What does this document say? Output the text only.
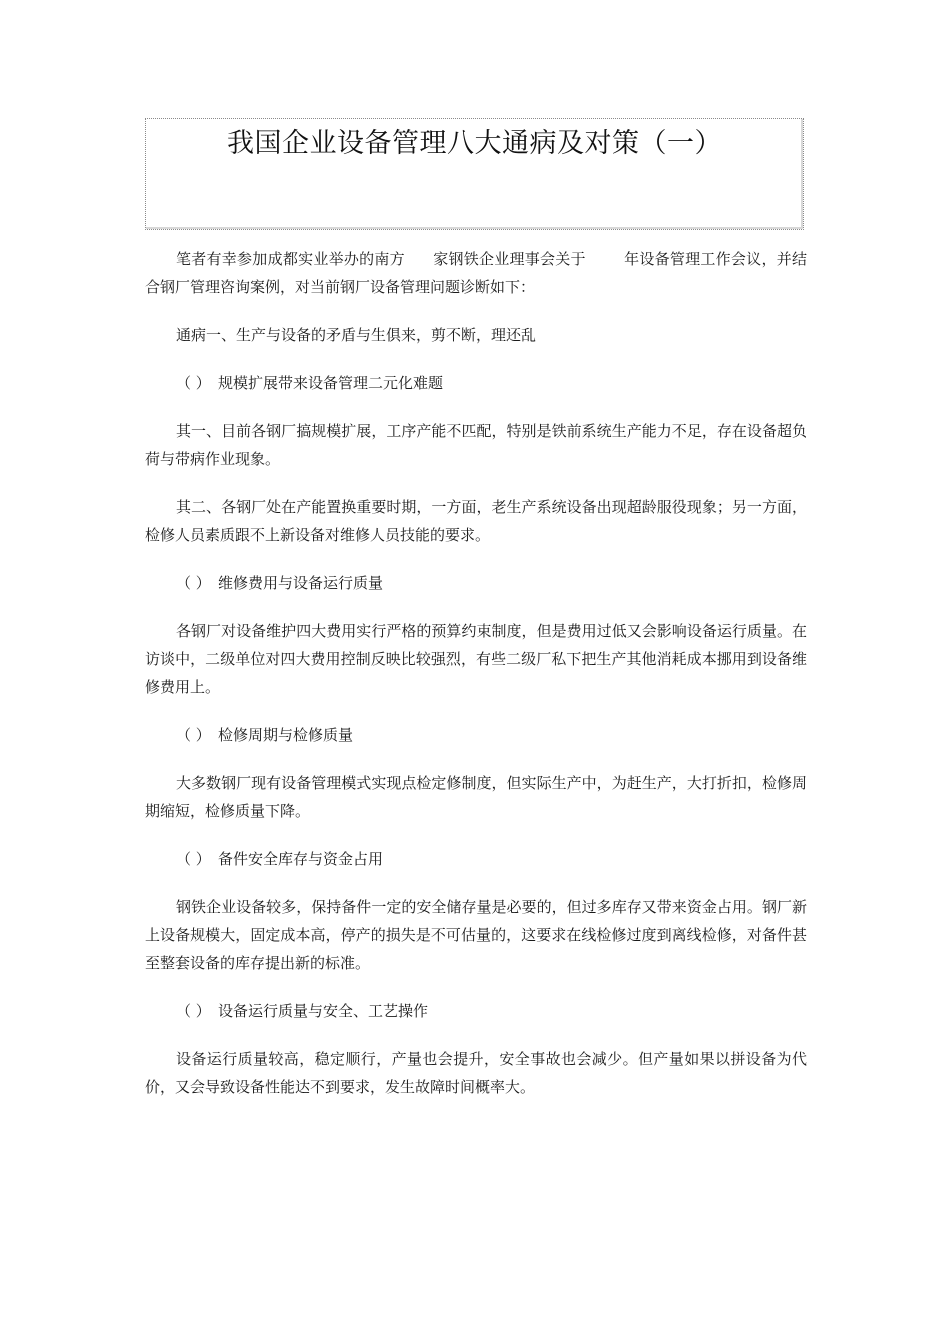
我国企业设备管理八大通病及对策（一）

笔者有幸参加成都实业举办的南方 家钢铁企业理事会关于	年设备管理工作会议，并结合钢厂管理咨询案例，对当前钢厂设备管理问题诊断如下：

通病一、生产与设备的矛盾与生俱来，剪不断，理还乱

（ ） 规模扩展带来设备管理二元化难题

其一、目前各钢厂搞规模扩展，工序产能不匹配，特别是铁前系统生产能力不足，存在设备超负荷与带病作业现象。

其二、各钢厂处在产能置换重要时期，一方面，老生产系统设备出现超龄服役现象；另一方面，检修人员素质跟不上新设备对维修人员技能的要求。

（ ） 维修费用与设备运行质量

各钢厂对设备维护四大费用实行严格的预算约束制度，但是费用过低又会影响设备运行质量。在访谈中，二级单位对四大费用控制反映比较强烈，有些二级厂私下把生产其他消耗成本挪用到设备维修费用上。

（ ） 检修周期与检修质量

大多数钢厂现有设备管理模式实现点检定修制度，但实际生产中，为赶生产，大打折扣，检修周期缩短，检修质量下降。

（ ） 备件安全库存与资金占用

钢铁企业设备较多，保持备件一定的安全储存量是必要的，但过多库存又带来资金占用。钢厂新上设备规模大，固定成本高，停产的损失是不可估量的，这要求在线检修过度到离线检修，对备件甚至整套设备的库存提出新的标准。

（ ） 设备运行质量与安全、工艺操作

设备运行质量较高，稳定顺行，产量也会提升，安全事故也会减少。但产量如果以拼设备为代价，又会导致设备性能达不到要求，发生故障时间概率大。
